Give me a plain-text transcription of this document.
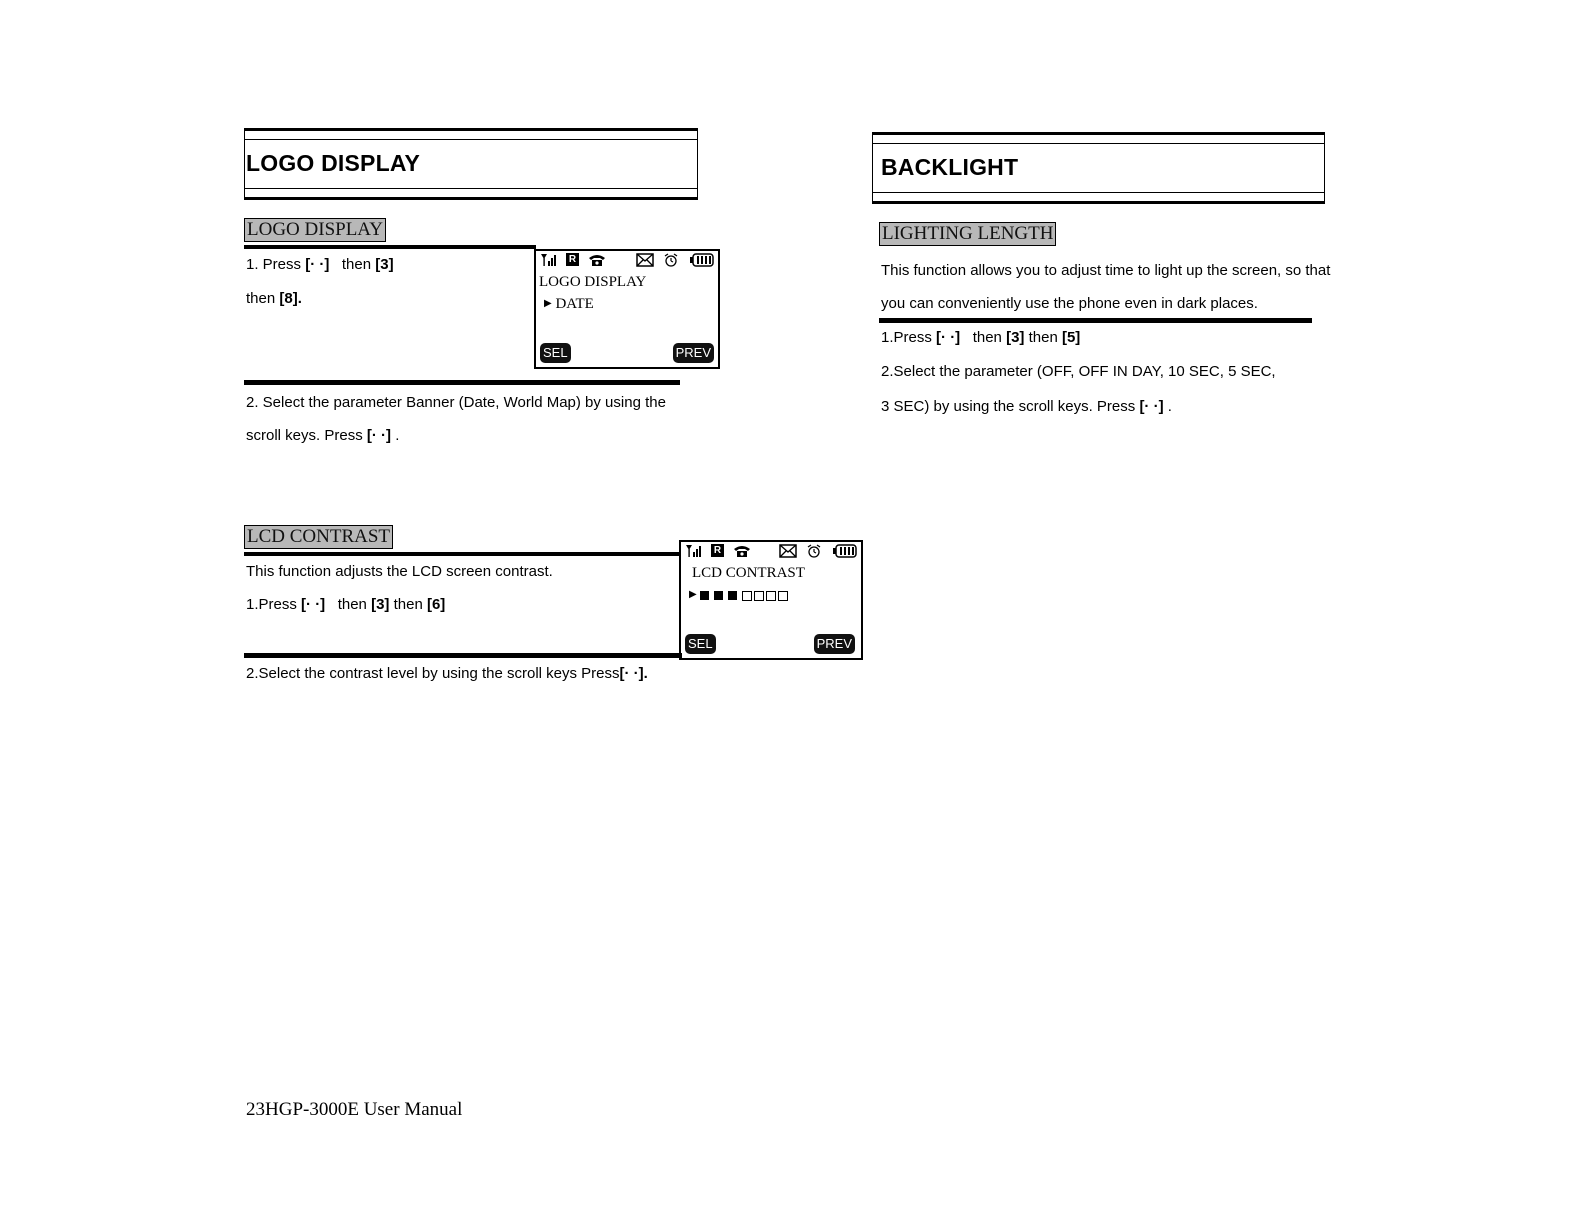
LOGO DISPLAY
LOGO DISPLAY
1. Press [· ·] then [3]
then [8].
R
LOGO DISPLAY
▶ DATE
SEL	PREV
2. Select the parameter Banner (Date, World Map) by using the
scroll keys. Press [· ·] .
LCD CONTRAST
This function adjusts the LCD screen contrast.
1.Press [· ·] then [3] then [6]
R
LCD CONTRAST
▶
SEL	PREV
2.Select the contrast level by using the scroll keys Press[· ·].
BACKLIGHT
LIGHTING LENGTH
This function allows you to adjust time to light up the screen, so that
you can conveniently use the phone even in dark places.
1.Press [· ·] then [3] then [5]
2.Select the parameter (OFF, OFF IN DAY, 10 SEC, 5 SEC,
3 SEC) by using the scroll keys. Press [· ·] .
23HGP-3000E User Manual
